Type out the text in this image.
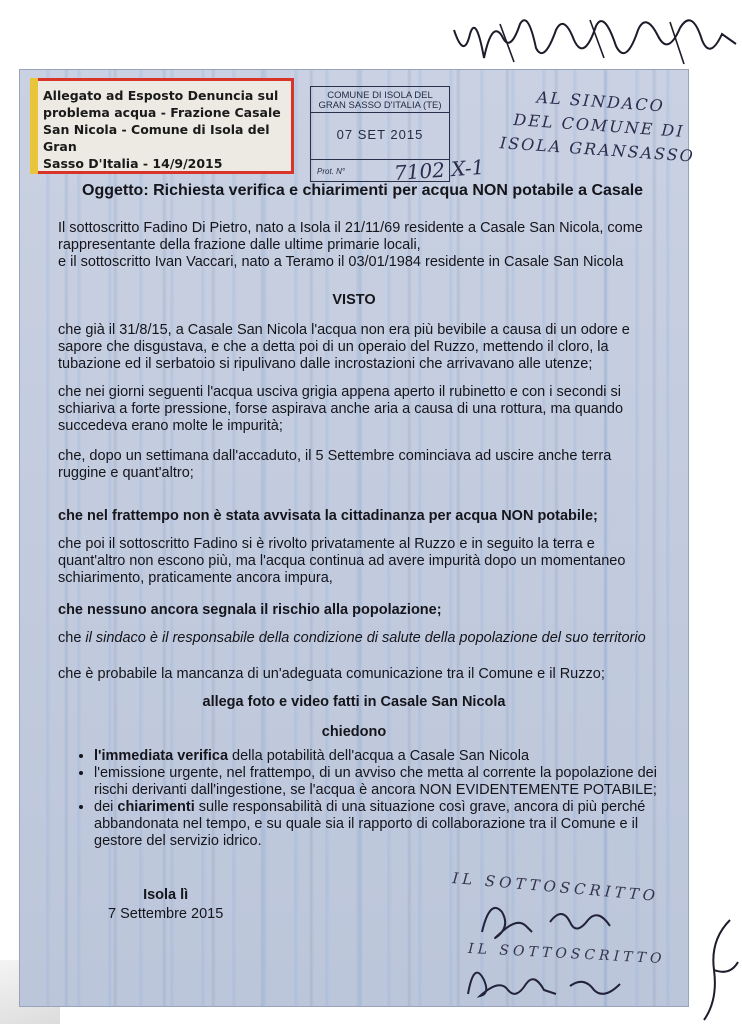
Allegato ad Esposto Denuncia sul
problema acqua - Frazione Casale
San Nicola - Comune di Isola del Gran
Sasso D'Italia - 14/9/2015
COMUNE DI ISOLA DEL
GRAN SASSO D'ITALIA (TE)
07 SET 2015
Prot. N°	7102 X-1
AL SINDACO
DEL COMUNE DI
ISOLA GRANSASSO
Oggetto: Richiesta verifica e chiarimenti per acqua NON potabile a Casale
Il sottoscritto Fadino Di Pietro, nato a Isola il 21/11/69 residente a Casale San Nicola, come
rappresentante della frazione dalle ultime primarie locali,
e il sottoscritto Ivan Vaccari, nato a Teramo il 03/01/1984 residente in Casale San Nicola
VISTO
che già il 31/8/15, a Casale San Nicola l'acqua non era più bevibile a causa di un odore e
sapore che disgustava, e che a detta poi di un operaio del Ruzzo, mettendo il cloro, la
tubazione ed il serbatoio si ripulivano dalle incrostazioni che arrivavano alle utenze;
che nei giorni seguenti l'acqua usciva grigia appena aperto il rubinetto e con i secondi si
schiariva a forte pressione, forse aspirava anche aria a causa di una rottura, ma quando
succedeva erano molte le impurità;
che, dopo un settimana dall'accaduto, il 5 Settembre cominciava ad uscire anche terra
ruggine e quant'altro;
che nel frattempo non è stata avvisata la cittadinanza per acqua NON potabile;
che poi il sottoscritto Fadino si è rivolto privatamente al Ruzzo e in seguito la terra e
quant'altro non escono più, ma l'acqua continua ad avere impurità dopo un momentaneo
schiarimento, praticamente ancora impura,
che nessuno ancora segnala il rischio alla popolazione;
che il sindaco è il responsabile della condizione di salute della popolazione del suo territorio
che è probabile la mancanza di un'adeguata comunicazione tra il Comune e il Ruzzo;
allega foto e video fatti in Casale San Nicola
chiedono
• l'immediata verifica della potabilità dell'acqua a Casale San Nicola
• l'emissione urgente, nel frattempo, di un avviso che metta al corrente la popolazione dei rischi derivanti dall'ingestione, se l'acqua è ancora NON EVIDENTEMENTE POTABILE;
• dei chiarimenti sulle responsabilità di una situazione così grave, ancora di più perché abbandonata nel tempo, e su quale sia il rapporto di collaborazione tra il Comune e il gestore del servizio idrico.
Isola lì
7 Settembre 2015
IL SOTTOSCRITTO
IL SOTTOSCRITTO
